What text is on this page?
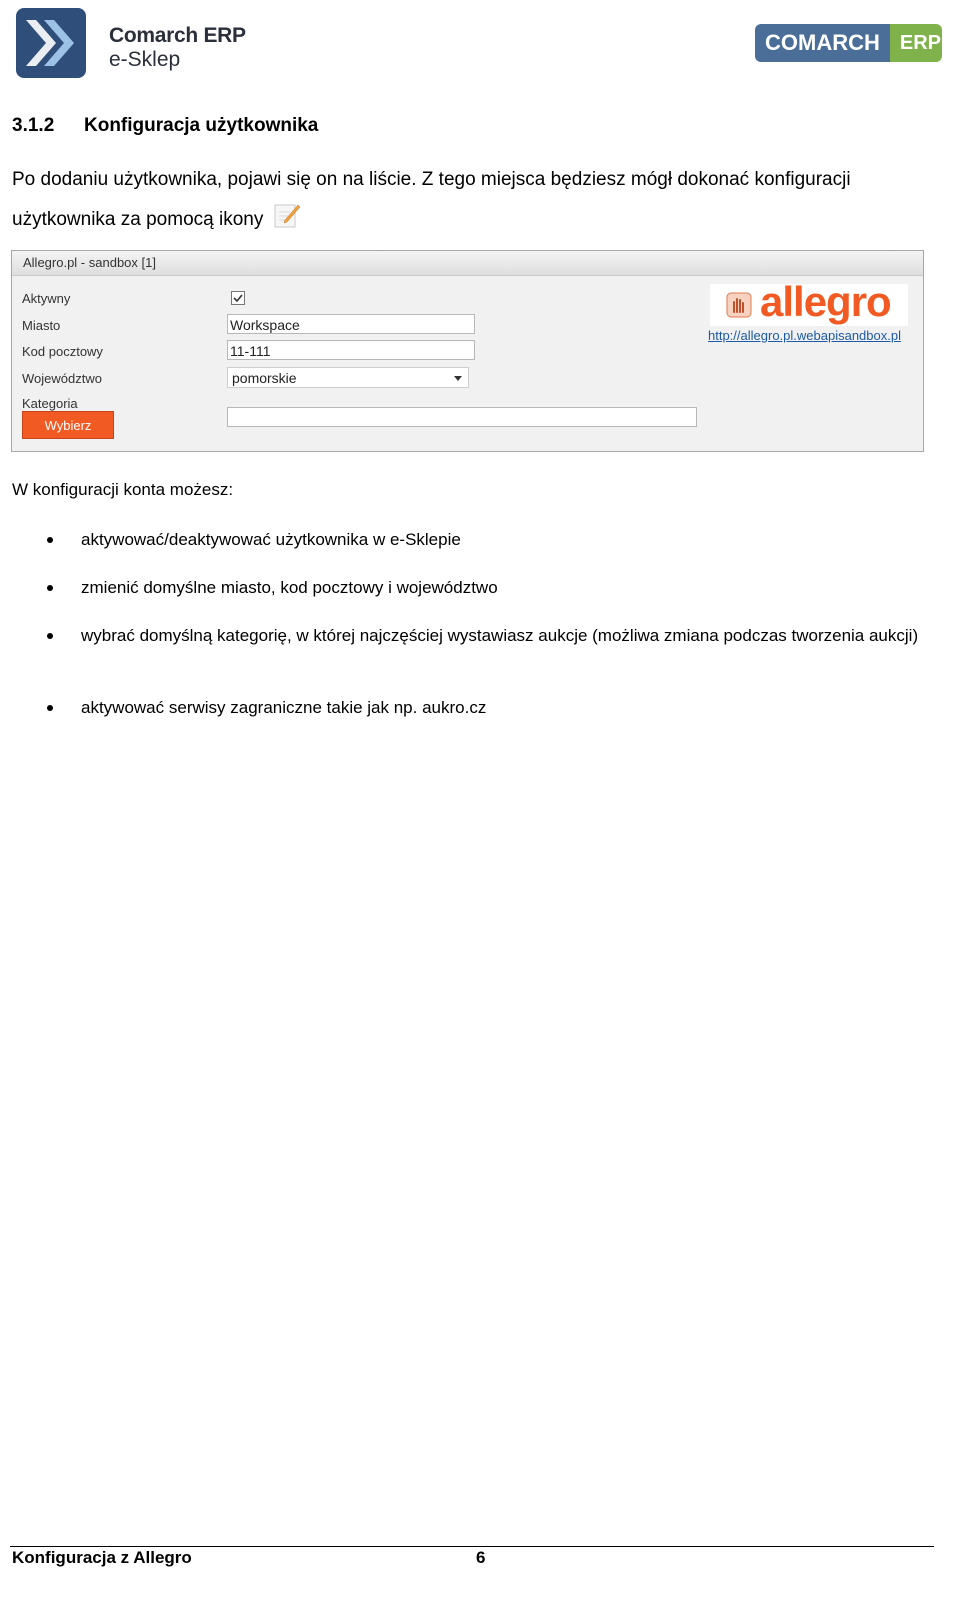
Comarch ERP
e-Sklep
COMARCH	ERP
3.1.2 Konfiguracja użytkownika
Po dodaniu użytkownika, pojawi się on na liście. Z tego miejsca będziesz mógł dokonać konfiguracji
użytkownika za pomocą ikony
Allegro.pl - sandbox [1]
Aktywny
Miasto
Kod pocztowy
Województwo
Kategoria
Workspace
11-111
pomorskie
Wybierz
allegro
http://allegro.pl.webapisandbox.pl
W konfiguracji konta możesz:
aktywować/deaktywować użytkownika w e-Sklepie
zmienić domyślne miasto, kod pocztowy i województwo
wybrać domyślną kategorię, w której najczęściej wystawiasz aukcje (możliwa zmiana podczas tworzenia aukcji)
aktywować serwisy zagraniczne takie jak np. aukro.cz
Konfiguracja z Allegro	6
